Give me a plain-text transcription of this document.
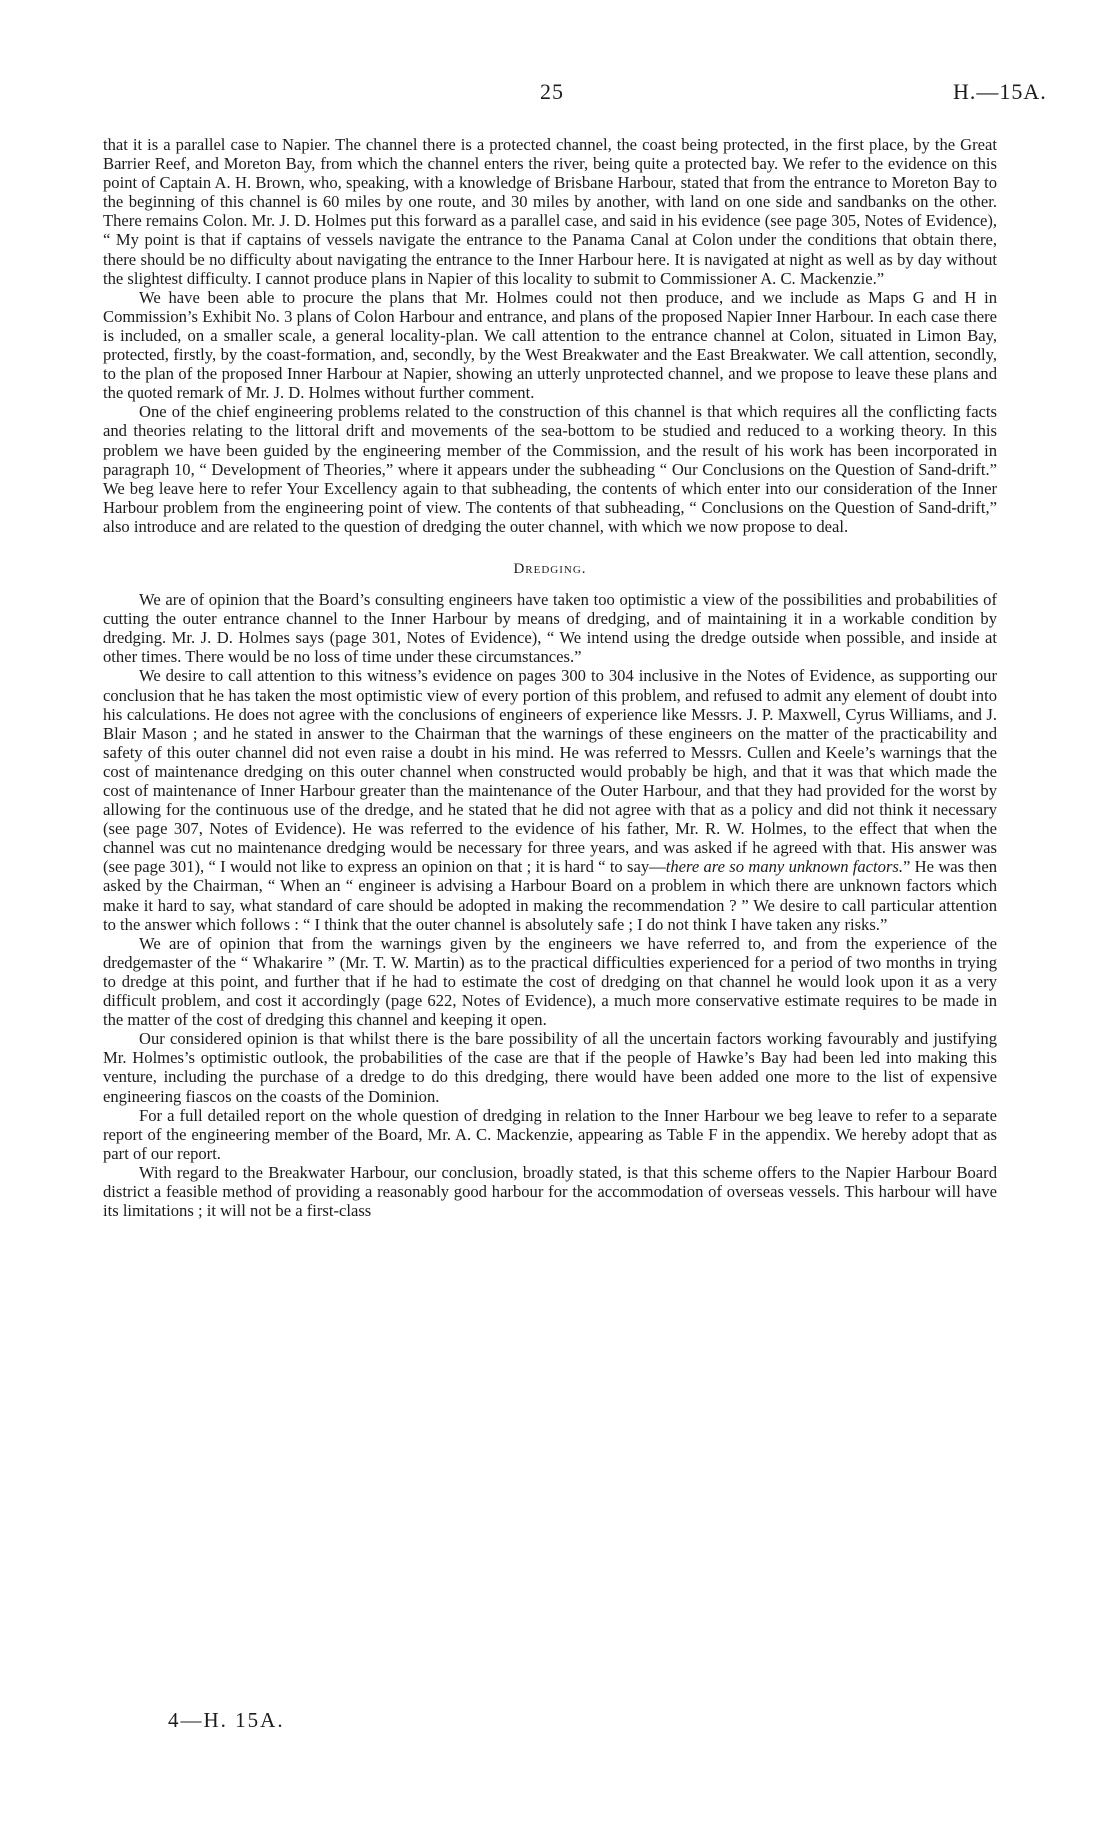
25	H.—15A.

that it is a parallel case to Napier. The channel there is a protected channel, the coast being protected, in the first place, by the Great Barrier Reef, and Moreton Bay, from which the channel enters the river, being quite a protected bay. We refer to the evidence on this point of Captain A. H. Brown, who, speaking, with a knowledge of Brisbane Harbour, stated that from the entrance to Moreton Bay to the beginning of this channel is 60 miles by one route, and 30 miles by another, with land on one side and sandbanks on the other. There remains Colon. Mr. J. D. Holmes put this forward as a parallel case, and said in his evidence (see page 305, Notes of Evidence), “ My point is that if captains of vessels navigate the entrance to the Panama Canal at Colon under the conditions that obtain there, there should be no difficulty about navigating the entrance to the Inner Harbour here. It is navigated at night as well as by day without the slightest difficulty. I cannot produce plans in Napier of this locality to submit to Commissioner A. C. Mackenzie.”

We have been able to procure the plans that Mr. Holmes could not then produce, and we include as Maps G and H in Commission’s Exhibit No. 3 plans of Colon Harbour and entrance, and plans of the proposed Napier Inner Harbour. In each case there is included, on a smaller scale, a general locality-plan. We call attention to the entrance channel at Colon, situated in Limon Bay, protected, firstly, by the coast-formation, and, secondly, by the West Breakwater and the East Breakwater. We call attention, secondly, to the plan of the proposed Inner Harbour at Napier, showing an utterly unprotected channel, and we propose to leave these plans and the quoted remark of Mr. J. D. Holmes without further comment.

One of the chief engineering problems related to the construction of this channel is that which requires all the conflicting facts and theories relating to the littoral drift and movements of the sea-bottom to be studied and reduced to a working theory. In this problem we have been guided by the engineering member of the Commission, and the result of his work has been incorporated in paragraph 10, “ Development of Theories,” where it appears under the subheading “ Our Conclusions on the Question of Sand-drift.” We beg leave here to refer Your Excellency again to that subheading, the contents of which enter into our consideration of the Inner Harbour problem from the engineering point of view. The contents of that subheading, “ Conclusions on the Question of Sand-drift,” also introduce and are related to the question of dredging the outer channel, with which we now propose to deal.

Dredging.

We are of opinion that the Board’s consulting engineers have taken too optimistic a view of the possibilities and probabilities of cutting the outer entrance channel to the Inner Harbour by means of dredging, and of maintaining it in a workable condition by dredging. Mr. J. D. Holmes says (page 301, Notes of Evidence), “ We intend using the dredge outside when possible, and inside at other times. There would be no loss of time under these circumstances.”

We desire to call attention to this witness’s evidence on pages 300 to 304 inclusive in the Notes of Evidence, as supporting our conclusion that he has taken the most optimistic view of every portion of this problem, and refused to admit any element of doubt into his calculations. He does not agree with the conclusions of engineers of experience like Messrs. J. P. Maxwell, Cyrus Williams, and J. Blair Mason ; and he stated in answer to the Chairman that the warnings of these engineers on the matter of the practicability and safety of this outer channel did not even raise a doubt in his mind. He was referred to Messrs. Cullen and Keele’s warnings that the cost of maintenance dredging on this outer channel when constructed would probably be high, and that it was that which made the cost of maintenance of Inner Harbour greater than the maintenance of the Outer Harbour, and that they had provided for the worst by allowing for the continuous use of the dredge, and he stated that he did not agree with that as a policy and did not think it necessary (see page 307, Notes of Evidence). He was referred to the evidence of his father, Mr. R. W. Holmes, to the effect that when the channel was cut no maintenance dredging would be necessary for three years, and was asked if he agreed with that. His answer was (see page 301), “ I would not like to express an opinion on that ; it is hard “ to say—there are so many unknown factors.” He was then asked by the Chairman, “ When an “ engineer is advising a Harbour Board on a problem in which there are unknown factors which make it hard to say, what standard of care should be adopted in making the recommendation ? ” We desire to call particular attention to the answer which follows : “ I think that the outer channel is absolutely safe ; I do not think I have taken any risks.”

We are of opinion that from the warnings given by the engineers we have referred to, and from the experience of the dredgemaster of the “ Whakarire ” (Mr. T. W. Martin) as to the practical difficulties experienced for a period of two months in trying to dredge at this point, and further that if he had to estimate the cost of dredging on that channel he would look upon it as a very difficult problem, and cost it accordingly (page 622, Notes of Evidence), a much more conservative estimate requires to be made in the matter of the cost of dredging this channel and keeping it open.

Our considered opinion is that whilst there is the bare possibility of all the uncertain factors working favourably and justifying Mr. Holmes’s optimistic outlook, the probabilities of the case are that if the people of Hawke’s Bay had been led into making this venture, including the purchase of a dredge to do this dredging, there would have been added one more to the list of expensive engineering fiascos on the coasts of the Dominion.

For a full detailed report on the whole question of dredging in relation to the Inner Harbour we beg leave to refer to a separate report of the engineering member of the Board, Mr. A. C. Mackenzie, appearing as Table F in the appendix. We hereby adopt that as part of our report.

With regard to the Breakwater Harbour, our conclusion, broadly stated, is that this scheme offers to the Napier Harbour Board district a feasible method of providing a reasonably good harbour for the accommodation of overseas vessels. This harbour will have its limitations ; it will not be a first-class

4—H. 15A.
